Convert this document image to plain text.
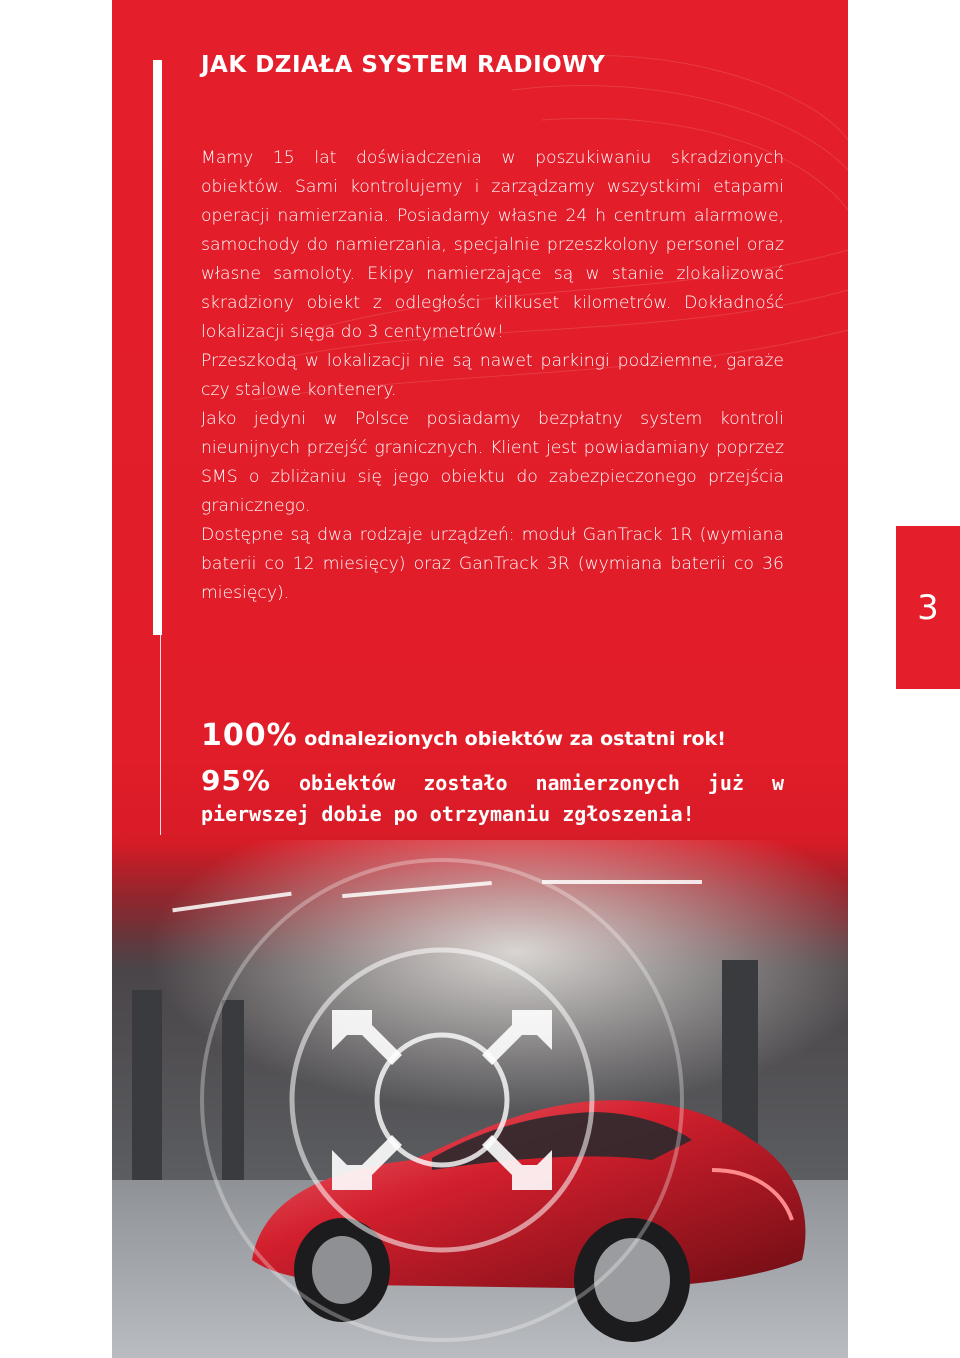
JAK DZIAŁA SYSTEM RADIOWY

Mamy 15 lat doświadczenia w poszukiwaniu skradzionych obiektów. Sami kontrolujemy i zarządzamy wszystkimi etapami operacji namierzania. Posiadamy własne 24 h centrum alarmowe, samochody do namierzania, specjalnie przeszkolony personel oraz własne samoloty. Ekipy namierzające są w stanie zlokalizować skradziony obiekt z odległości kilkuset kilometrów. Dokładność lokalizacji sięga do 3 centymetrów!

Przeszkodą w lokalizacji nie są nawet parkingi podziemne, garaże czy stalowe kontenery.

Jako jedyni w Polsce posiadamy bezpłatny system kontroli nieunijnych przejść granicznych. Klient jest powiadamiany poprzez SMS o zbliżaniu się jego obiektu do zabezpieczonego przejścia granicznego.

Dostępne są dwa rodzaje urządzeń: moduł GanTrack 1R (wymiana baterii co 12 miesięcy) oraz GanTrack 3R (wymiana baterii co 36 miesięcy).	3
100% odnalezionych obiektów za ostatni rok!
95% obiektów zostało namierzonych już w pierwszej dobie po otrzymaniu zgłoszenia!
